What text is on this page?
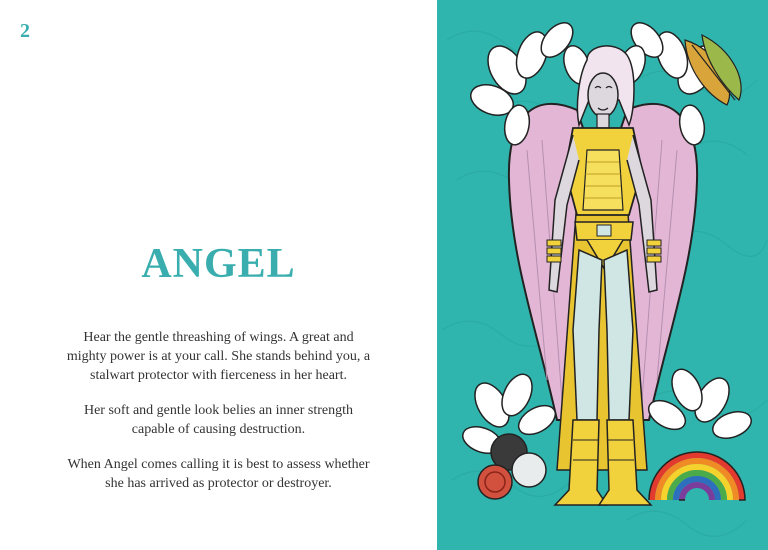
2
ANGEL

Hear the gentle threashing of wings. A great and
mighty power is at your call. She stands behind you, a
stalwart protector with fierceness in her heart.

Her soft and gentle look belies an inner strength
capable of causing destruction.

When Angel comes calling it is best to assess whether
she has arrived as protector or destroyer.
